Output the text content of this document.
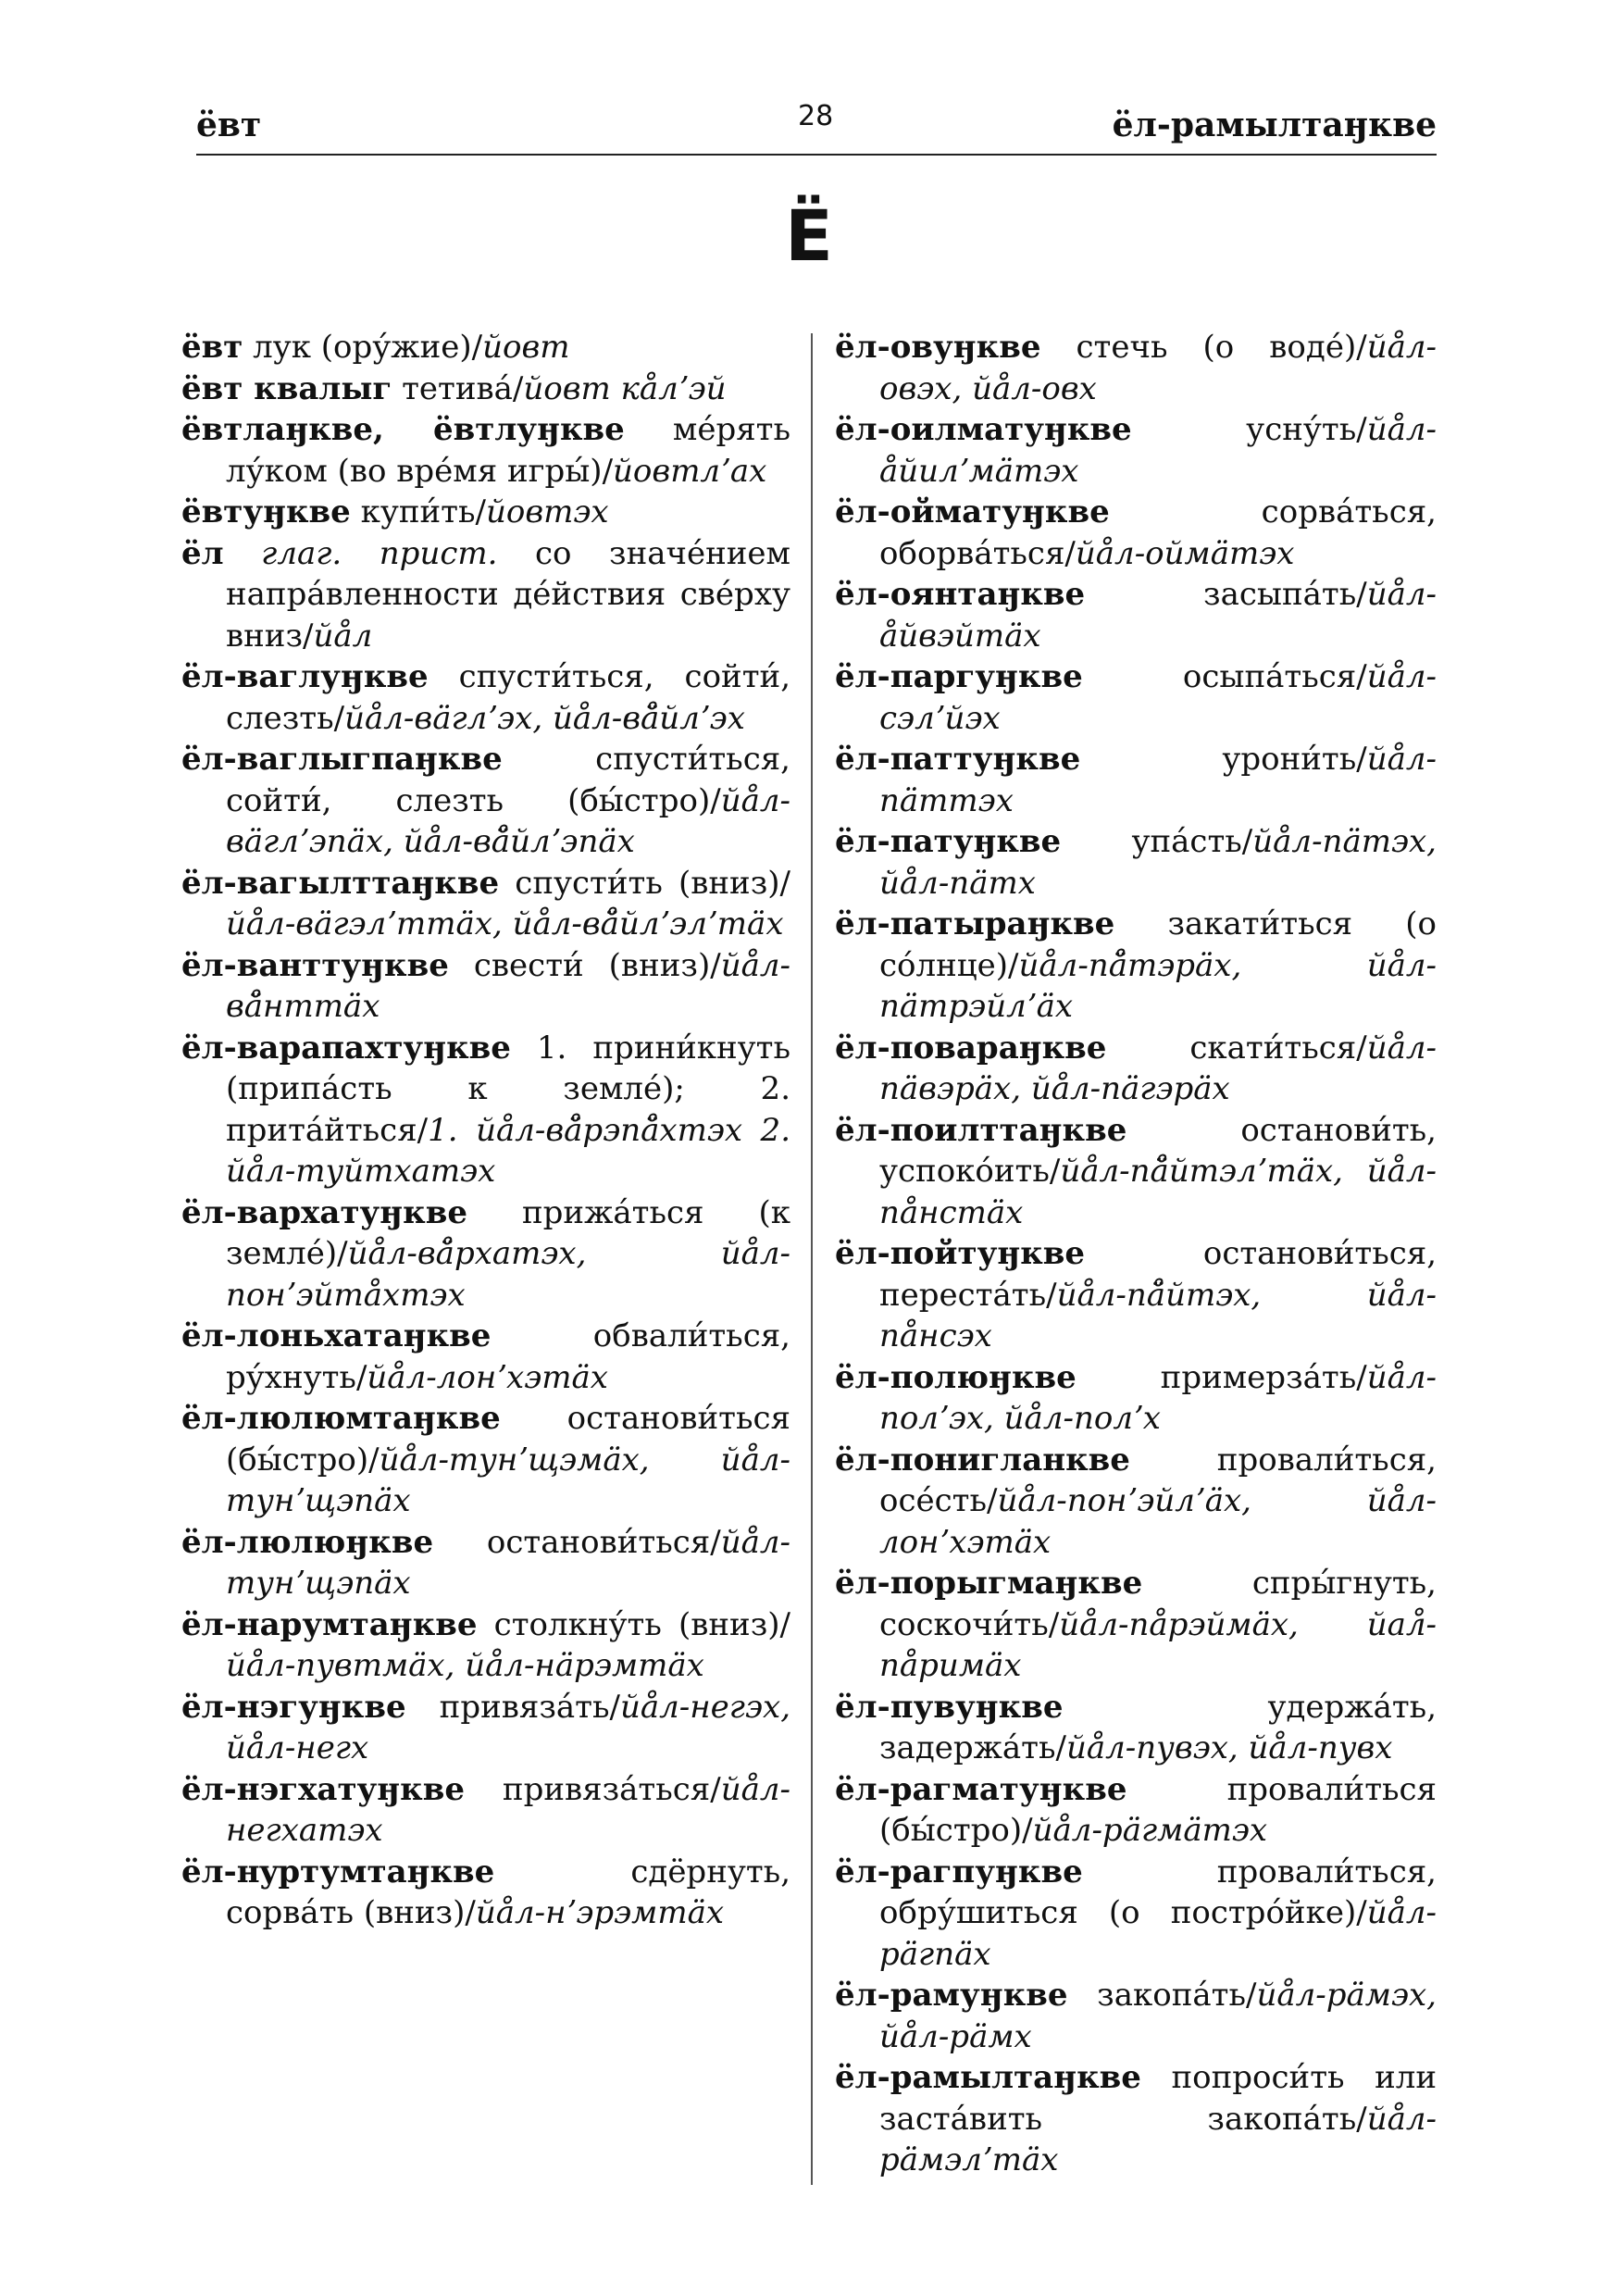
ёвт	28	ёл-рамылтаӈкве
Ё

ёвт лук (ору́жие)/йовт

ёвт квалыг тетива́/йовт ка̊лʼэй

ёвтлаӈкве, ёвтлуӈкве ме́рять лу́ком (во вре́мя игры́)/йовтлʼах

ёвтуӈкве купи́ть/йовтэх

ёл глаг. прист. со значе́нием напра́вленности де́йствия све́рху вниз/йа̊л

ёл-ваглуӈкве спусти́ться, сойти́, слезть/йа̊л-вäглʼэх, йа̊л-вä̊йлʼэх

ёл-ваглыгпаӈкве спусти́ться, сойти́, слезть (бы́стро)/йа̊л-вäглʼэпäх, йа̊л-вä̊йлʼэпäх

ёл-вагылттаӈкве спусти́ть (вниз)/йа̊л-вäгэлʼттäх, йа̊л-вä̊йлʼэлʼтäх

ёл-ванттуӈкве свести́ (вниз)/йа̊л-вä̊нттäх

ёл-варапахтуӈкве 1. прини́кнуть (припа́сть к земле́); 2. прита́йться/1. йа̊л-вä̊рэпä̊хтэх 2. йа̊л-туйтхатэх

ёл-вархатуӈкве прижа́ться (к земле́)/йа̊л-вä̊рхатэх, йа̊л-понʼэйта̊хтэх

ёл-лоньхатаӈкве обвали́ться, ру́хнуть/йа̊л-лонʼхэтäх

ёл-люлюмтаӈкве останови́ться (бы́стро)/йа̊л-тунʼщэмäх, йа̊л-тунʼщэпäх

ёл-люлюӈкве останови́ться/йа̊л-тунʼщэпäх

ёл-нарумтаӈкве столкну́ть (вниз)/йа̊л-пувтмäх, йа̊л-нäрэмтäх

ёл-нэгуӈкве привяза́ть/йа̊л-негэх, йа̊л-негх

ёл-нэгхатуӈкве привяза́ться/йа̊л-негхатэх

ёл-нyртумтаӈкве сдёрнуть, сорва́ть (вниз)/йа̊л-нʼэрэмтäх

ёл-овуӈкве стечь (о воде́)/йа̊л-овэх, йа̊л-овх

ёл-оилматуӈкве усну́ть/йа̊л-а̊йилʼмäтэх

ёл-ойматуӈкве сорва́ться, оборва́ться/йа̊л-оймäтэх

ёл-оянтаӈкве засыпа́ть/йа̊л-а̊йвэйтäх

ёл-паргуӈкве осыпа́ться/йа̊л-сэлʼйэх

ёл-паттуӈкве урони́ть/йа̊л-пäттэх

ёл-патуӈкве упа́сть/йа̊л-пäтэх, йа̊л-пäтх

ёл-патыраӈкве закати́ться (о со́лнце)/йа̊л-пä̊тэрäх, йа̊л-пäтрэйлʼäх

ёл-повараӈкве скати́ться/йа̊л-пäвэрäх, йа̊л-пäгэрäх

ёл-поилттаӈкве останови́ть, успоко́ить/йа̊л-пä̊йтэлʼтäх, йа̊л-па̊нстäх

ёл-пойтуӈкве останови́ться, переста́ть/йа̊л-пä̊йтэх, йа̊л-па̊нсэх

ёл-полюӈкве примерза́ть/йа̊л-полʼэх, йа̊л-полʼх

ёл-понигланкве провали́ться, осе́сть/йа̊л-понʼэйлʼäх, йа̊л-лонʼхэтäх

ёл-порыгмаӈкве спры́гнуть, соскочи́ть/йа̊л-па̊рэймäх, йал̊-па̊римäх

ёл-пувуӈкве удержа́ть, задержа́ть/йа̊л-пувэх, йа̊л-пувх

ёл-рагматуӈкве провали́ться (бы́стро)/йа̊л-рäгмäтэх

ёл-рагпуӈкве провали́ться, обру́шиться (о постро́йке)/йа̊л-рäгпäх

ёл-рамуӈкве закопа́ть/йа̊л-рäмэх, йа̊л-рäмх

ёл-рамылтаӈкве попроси́ть или заста́вить закопа́ть/йа̊л-рäмэлʼтäх
